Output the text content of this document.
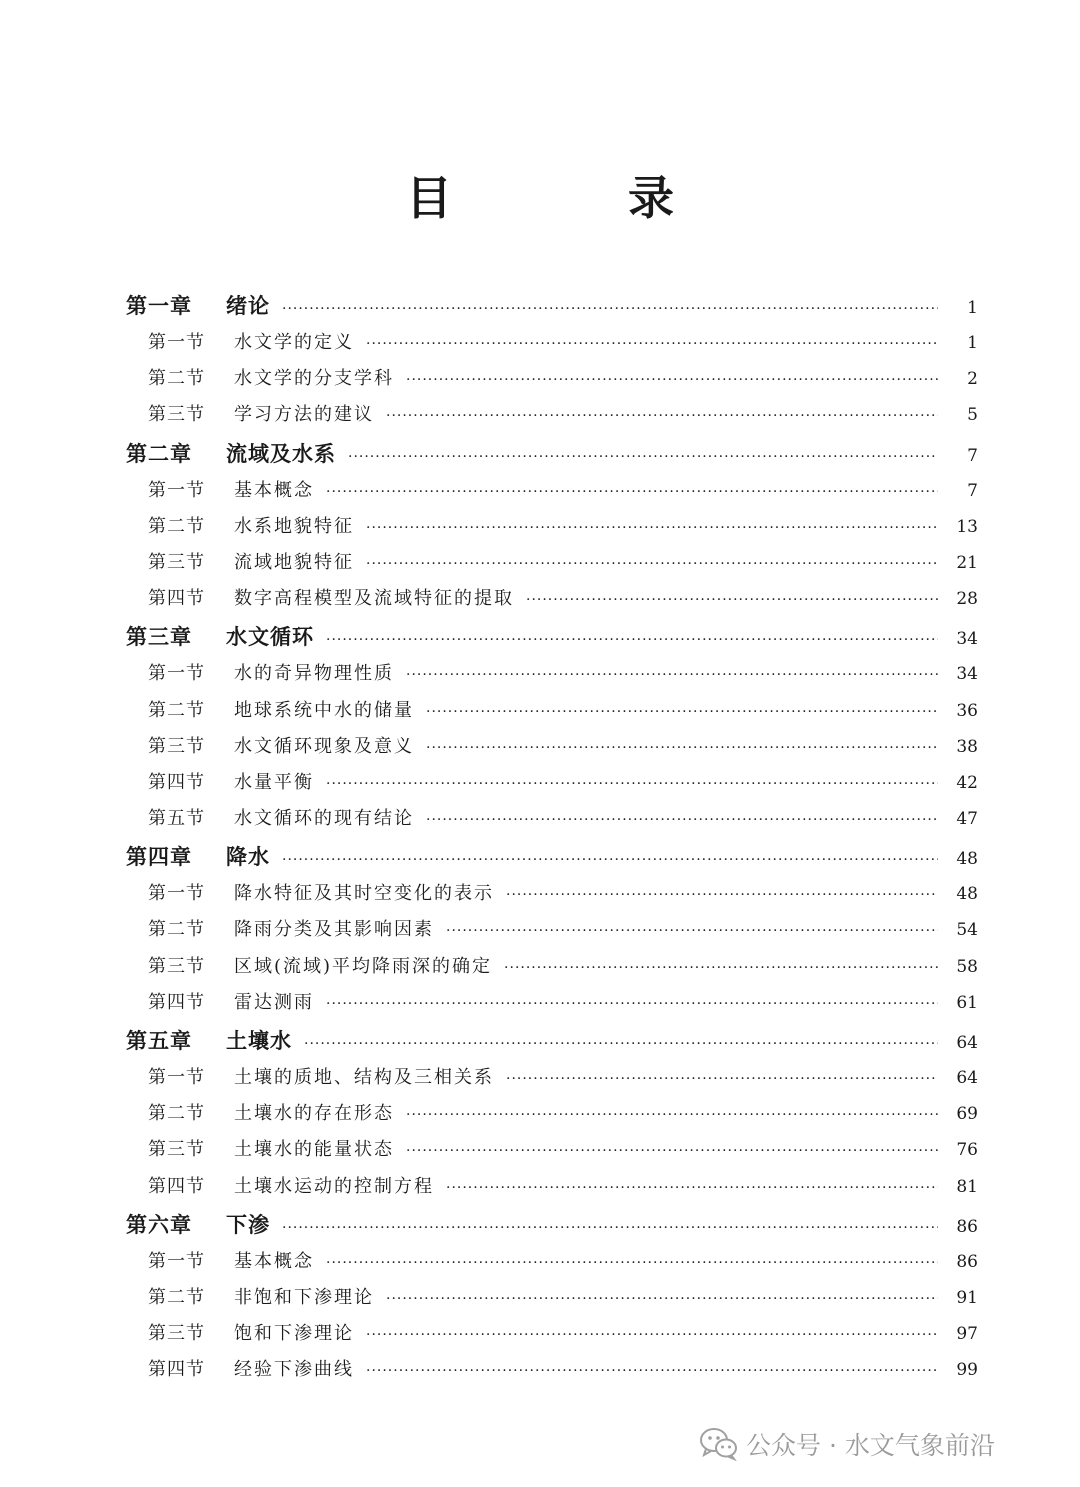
目 录
第一章	绪论 ·····	1
第一节	水文学的定义 ·····	1
第二节	水文学的分支学科 ·····	2
第三节	学习方法的建议 ·····	5
第二章	流域及水系 ·····	7
第一节	基本概念 ·····	7
第二节	水系地貌特征 ·····	13
第三节	流域地貌特征 ·····	21
第四节	数字高程模型及流域特征的提取 ·····	28
第三章	水文循环 ·····	34
第一节	水的奇异物理性质 ·····	34
第二节	地球系统中水的储量 ·····	36
第三节	水文循环现象及意义 ·····	38
第四节	水量平衡 ·····	42
第五节	水文循环的现有结论 ·····	47
第四章	降水 ·····	48
第一节	降水特征及其时空变化的表示 ·····	48
第二节	降雨分类及其影响因素 ·····	54
第三节	区域(流域)平均降雨深的确定 ·····	58
第四节	雷达测雨 ·····	61
第五章	土壤水 ·····	64
第一节	土壤的质地、结构及三相关系 ·····	64
第二节	土壤水的存在形态 ·····	69
第三节	土壤水的能量状态 ·····	76
第四节	土壤水运动的控制方程 ·····	81
第六章	下渗 ·····	86
第一节	基本概念 ·····	86
第二节	非饱和下渗理论 ·····	91
第三节	饱和下渗理论 ·····	97
第四节	经验下渗曲线 ·····	99
公众号 · 水文气象前沿
